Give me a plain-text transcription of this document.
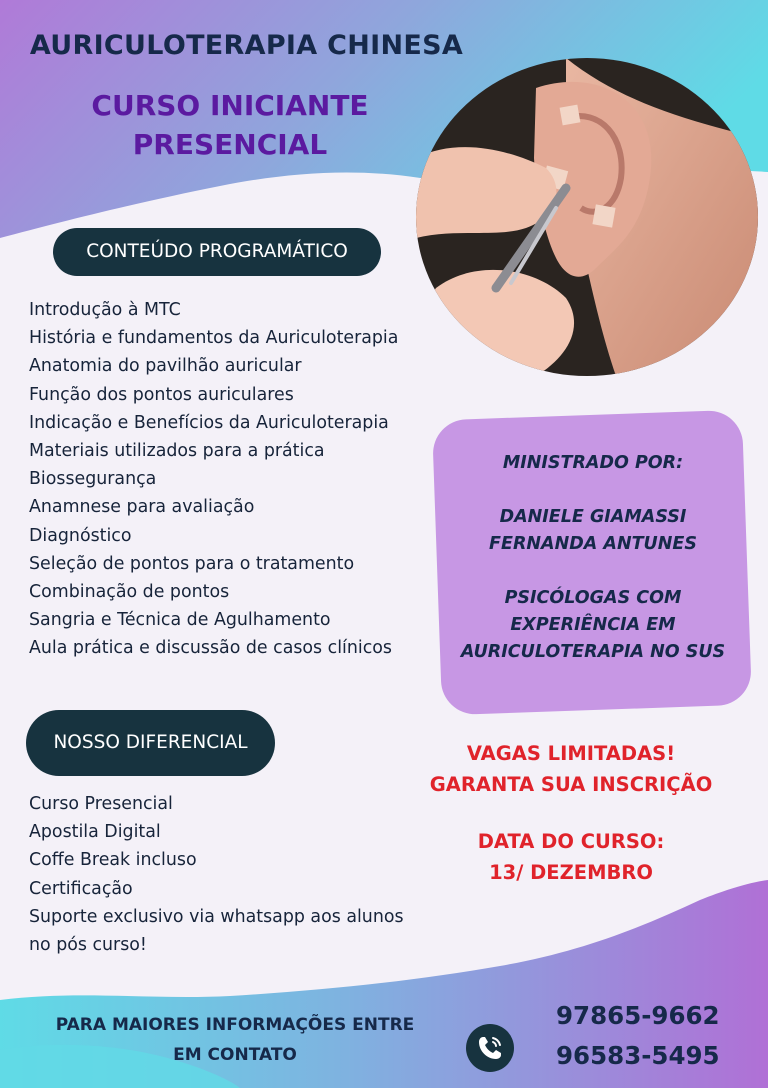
AURICULOTERAPIA CHINESA
CURSO INICIANTE
PRESENCIAL
CONTEÚDO PROGRAMÁTICO
Introdução à MTC
História e fundamentos da Auriculoterapia
Anatomia do pavilhão auricular
Função dos pontos auriculares
Indicação e Benefícios da Auriculoterapia
Materiais utilizados para a prática
Biossegurança
Anamnese para avaliação
Diagnóstico
Seleção de pontos para o tratamento
Combinação de pontos
Sangria e Técnica de Agulhamento
Aula prática e discussão de casos clínicos
MINISTRADO POR:
DANIELE GIAMASSI
FERNANDA ANTUNES
PSICÓLOGAS COM
EXPERIÊNCIA EM
AURICULOTERAPIA NO SUS
NOSSO DIFERENCIAL
Curso Presencial
Apostila Digital
Coffe Break incluso
Certificação
Suporte exclusivo via whatsapp aos alunos no pós curso!
VAGAS LIMITADAS!
GARANTA SUA INSCRIÇÃO
DATA DO CURSO:
13/ DEZEMBRO
PARA MAIORES INFORMAÇÕES ENTRE
EM CONTATO
97865-9662
96583-5495
